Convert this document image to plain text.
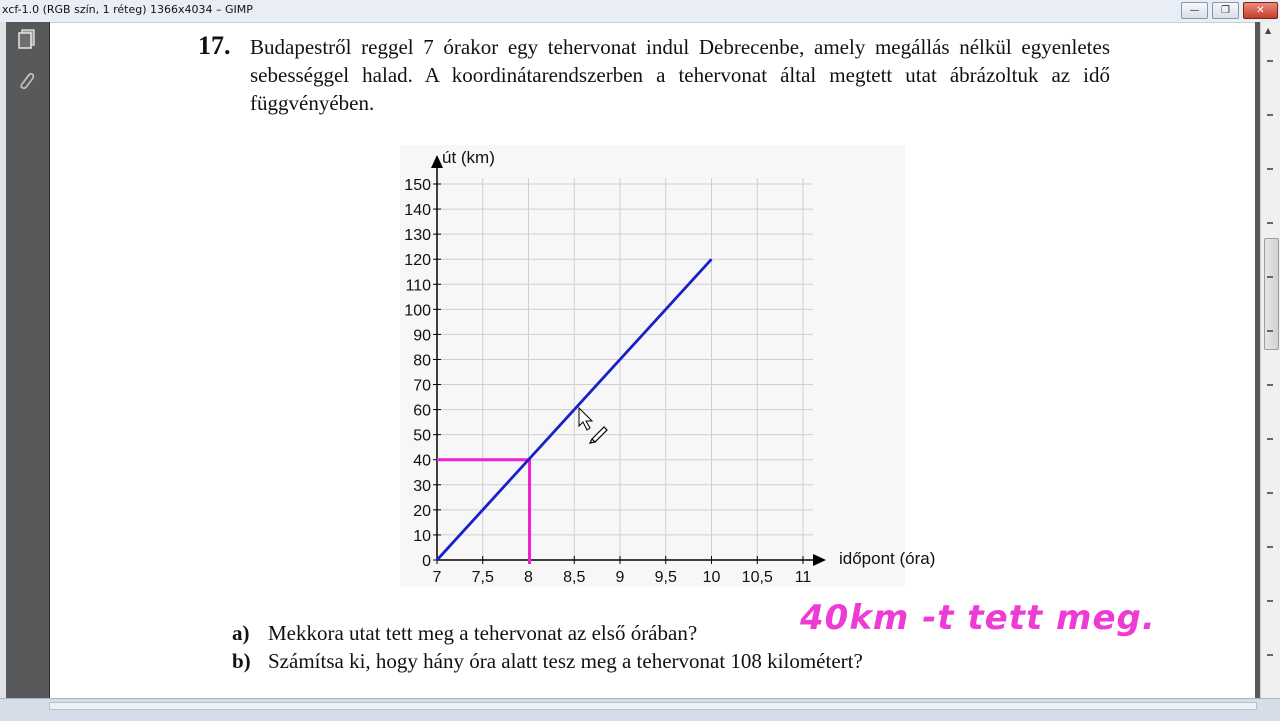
xcf-1.0 (RGB szín, 1 réteg) 1366x4034 – GIMP	—	❐	✕
▲
17. Budapestről reggel 7 órakor egy tehervonat indul Debrecenbe, amely megállás nélkül egyenletes sebességgel halad. A koordinátarendszerben a tehervonat által megtett utat ábrázoltuk az idő függvényében.
7 7,5 8 8,5 9 9,5 10 10,5 11
0
10
20
30
40
50
60
70
80
90
100
110
120
130
140
150
út (km)
időpont (óra)
a) Mekkora utat tett meg a tehervonat az első órában?
b) Számítsa ki, hogy hány óra alatt tesz meg a tehervonat 108 kilométert?
40km -t tett meg.
